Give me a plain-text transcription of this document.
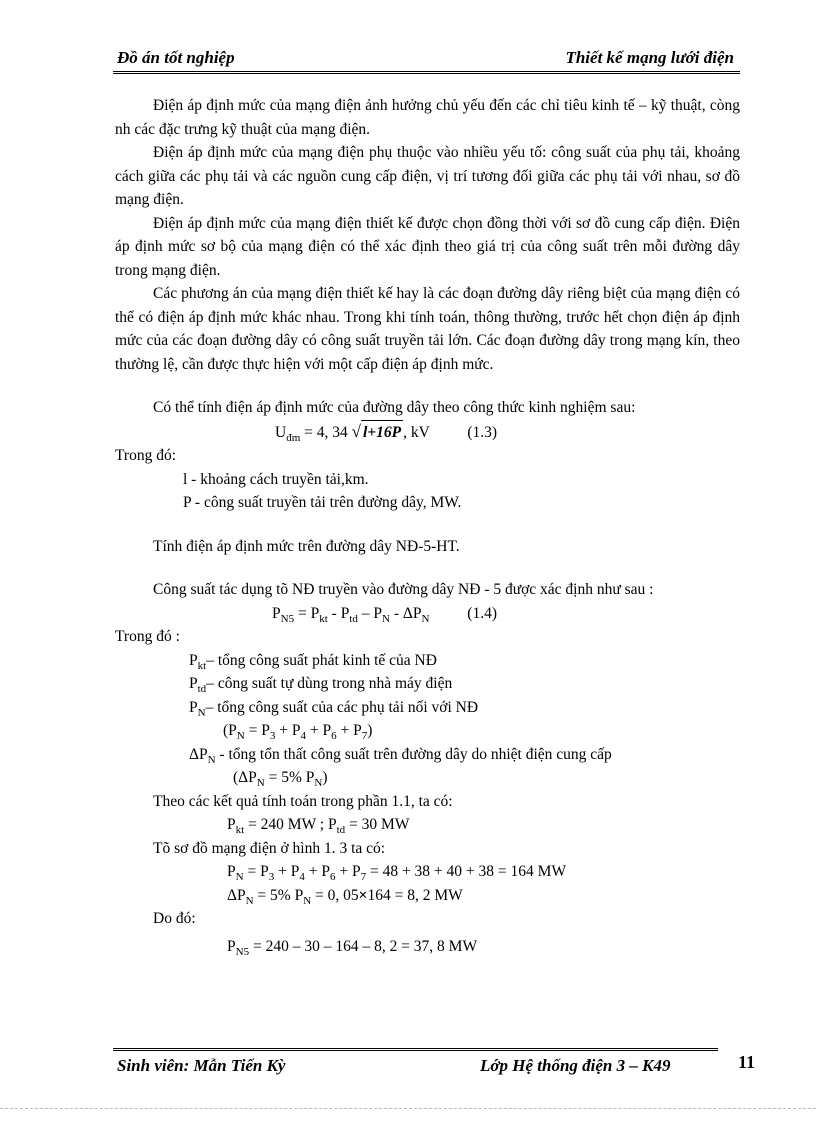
Đồ án tốt nghiệp	Thiết kế mạng lưới điện

Điện áp định mức của mạng điện ảnh hưởng chủ yếu đến các chỉ tiêu kinh tế – kỹ thuật, còng nh các đặc trưng kỹ thuật của mạng điện.

Điện áp định mức của mạng điện phụ thuộc vào nhiều yếu tố: công suất của phụ tải, khoảng cách giữa các phụ tải và các nguồn cung cấp điện, vị trí tương đối giữa các phụ tải với nhau, sơ đồ mạng điện.

Điện áp định mức của mạng điện thiết kế được chọn đồng thời với sơ đồ cung cấp điện. Điện áp định mức sơ bộ của mạng điện có thể xác định theo giá trị của công suất trên mỗi đường dây trong mạng điện.

Các phương án của mạng điện thiết kế hay là các đoạn đường dây riêng biệt của mạng điện có thể có điện áp định mức khác nhau. Trong khi tính toán, thông thường, trước hết chọn điện áp định mức của các đoạn đường dây có công suất truyền tải lớn. Các đoạn đường dây trong mạng kín, theo thường lệ, cần được thực hiện với một cấp điện áp định mức.

Có thể tính điện áp định mức của đường dây theo công thức kinh nghiệm sau:

$U_{đm} = 4$, 34 √ l+16P , kV (1.3)

Trong đó:

l - khoảng cách truyền tải,km.

P - công suất truyền tải trên đường dây, MW.

Tính điện áp định mức trên đường dây NĐ-5-HT.

Công suất tác dụng tõ NĐ truyền vào đường dây NĐ - 5 được xác định như sau :

$P_{N5} = P_{kt} - P_{td} - P_N - \Delta P_N$ (1.4)

Trong đó :

$P_{kt}-$ tổng công suất phát kinh tế của NĐ

$P_{td}-$ công suất tự dùng trong nhà máy điện

$P_N-$ tổng công suất của các phụ tải nối với NĐ

$(P_N = P_3 + P_4 + P_6 + P_7)$

$\Delta P_N$ - tổng tổn thất công suất trên đường dây do nhiệt điện cung cấp

($\Delta P_N = 5\%$ $P_N$)

Theo các kết quả tính toán trong phần 1.1, ta có:

$P_{kt} = 240$ MW ; $P_{td} = 30$ MW

Tõ sơ đồ mạng điện ở hình 1. 3 ta có:

$P_N = P_3 + P_4 + P_6 + P_7 = 48 + 38 + 40 + 38 = 164$ MW

$\Delta P_N = 5\%$ $P_N = 0$, 05×164 = 8, 2 MW

Do đó:

$P_{N5} = 240 - 30 - 164 - 8$, 2 = 37, 8 MW

Sinh viên: Mẫn Tiến Kỳ	Lớp Hệ thống điện 3 – K49	11
